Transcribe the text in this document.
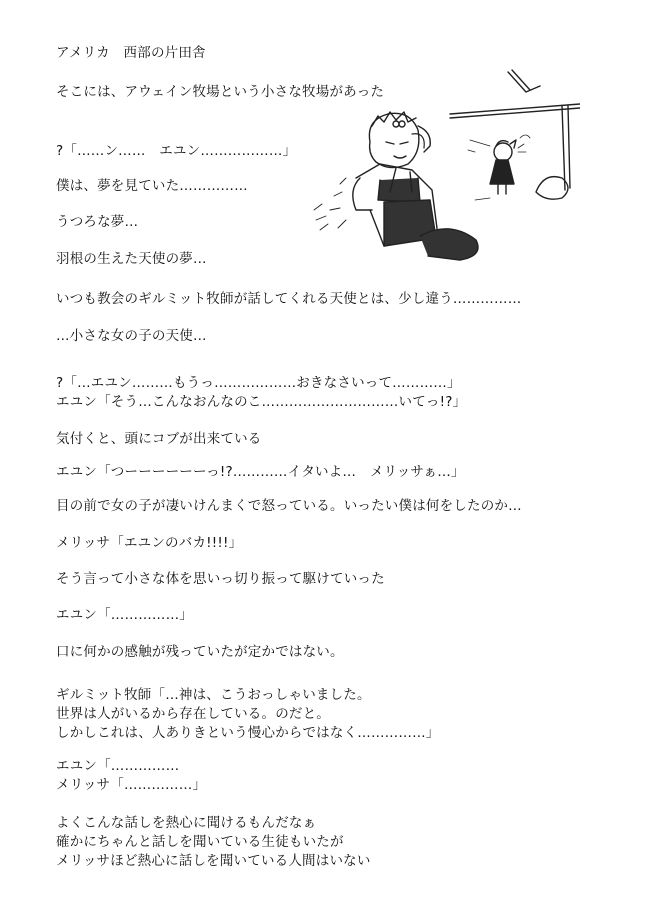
アメリカ　西部の片田舎
そこには、アウェイン牧場という小さな牧場があった
?「……ン……　エユン………………」
僕は、夢を見ていた……………
うつろな夢…
羽根の生えた天使の夢…
いつも教会のギルミット牧師が話してくれる天使とは、少し違う……………
…小さな女の子の天使…
?「…エユン………もうっ………………おきなさいって…………」
エユン「そう…こんなおんなのこ…………………………いてっ!?」
気付くと、頭にコブが出来ている
エユン「つーーーーーーっ!?…………イタいよ…　メリッサぁ…」
目の前で女の子が凄いけんまくで怒っている。いったい僕は何をしたのか…
メリッサ「エユンのバカ!!!!」
そう言って小さな体を思いっ切り振って駆けていった
エユン「……………」
口に何かの感触が残っていたが定かではない。
ギルミット牧師「…神は、こうおっしゃいました。
世界は人がいるから存在している。のだと。
しかしこれは、人ありきという慢心からではなく……………」
エユン「……………
メリッサ「……………」
よくこんな話しを熱心に聞けるもんだなぁ
確かにちゃんと話しを聞いている生徒もいたが
メリッサほど熱心に話しを聞いている人間はいない
